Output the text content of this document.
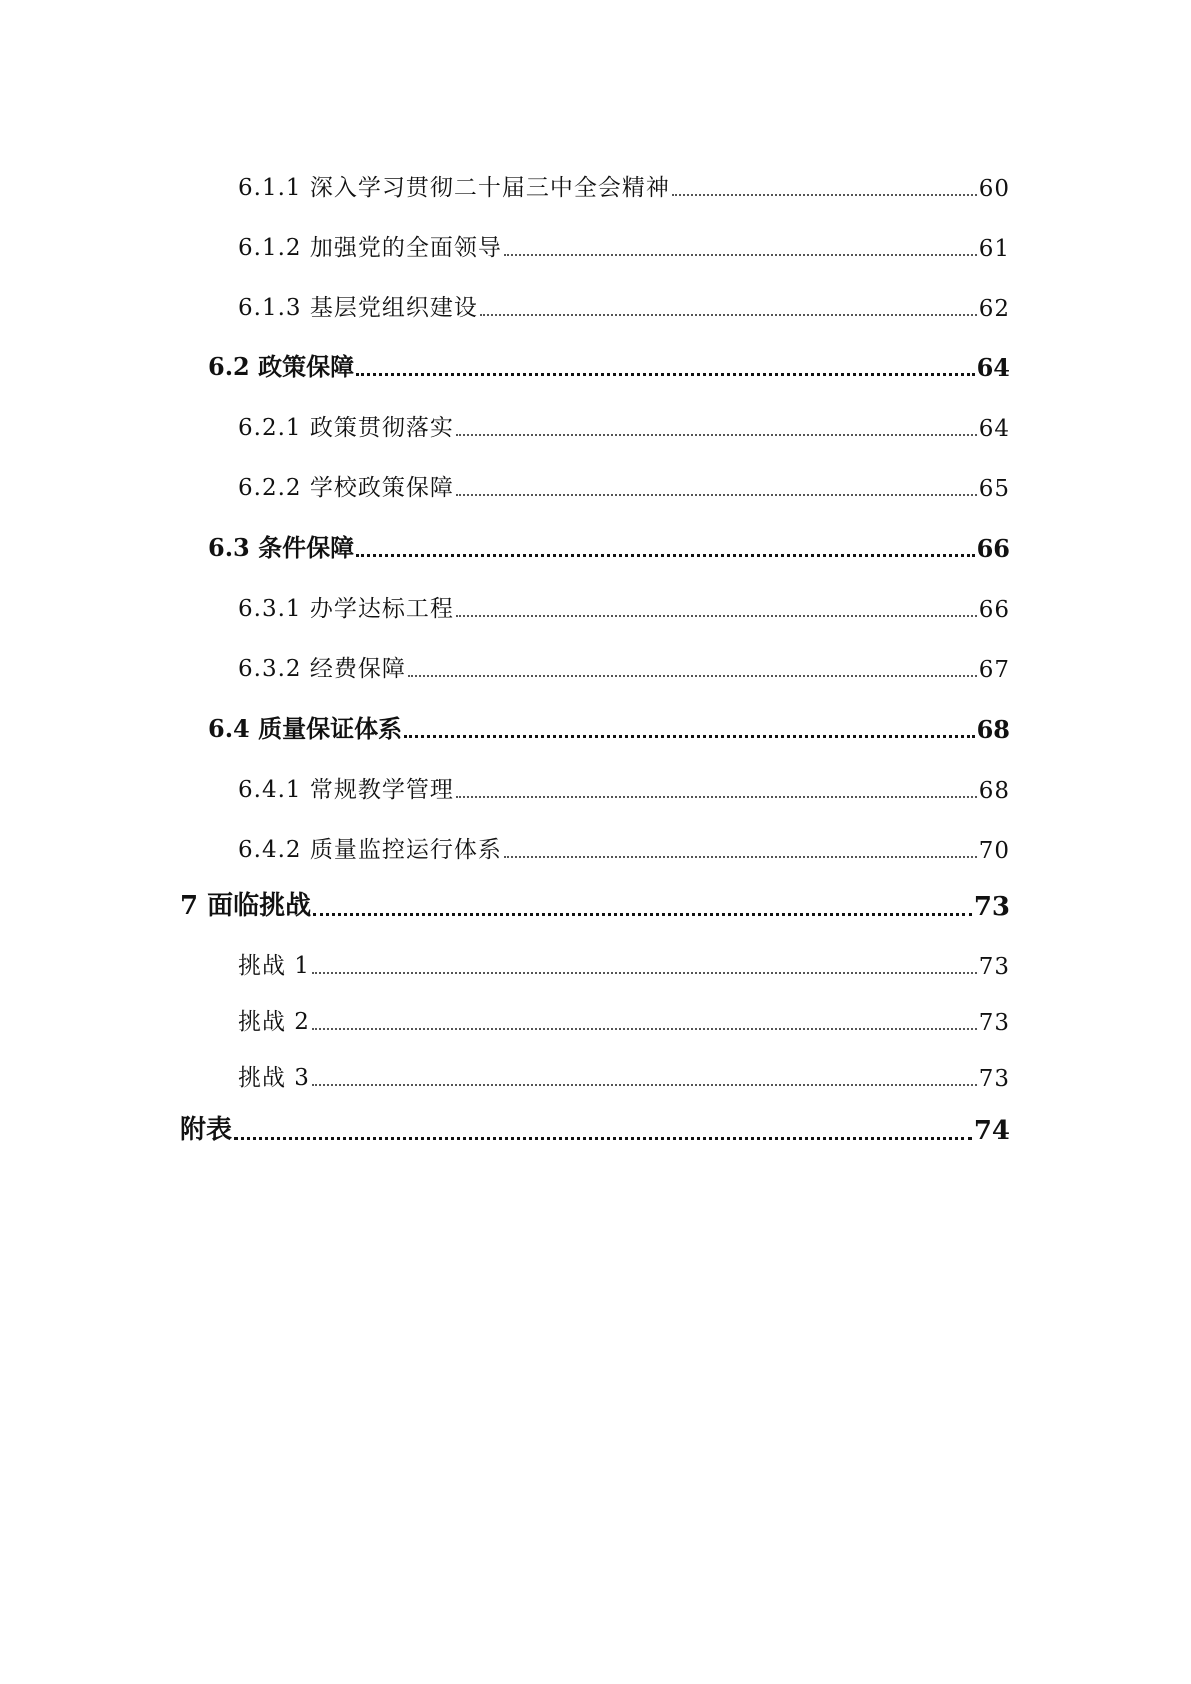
6.1.1 深入学习贯彻二十届三中全会精神	60
6.1.2 加强党的全面领导	61
6.1.3 基层党组织建设	62
6.2 政策保障	64
6.2.1 政策贯彻落实	64
6.2.2 学校政策保障	65
6.3 条件保障	66
6.3.1 办学达标工程	66
6.3.2 经费保障	67
6.4 质量保证体系	68
6.4.1 常规教学管理	68
6.4.2 质量监控运行体系	70
7 面临挑战	73
挑战 1	73
挑战 2	73
挑战 3	73
附表	74
